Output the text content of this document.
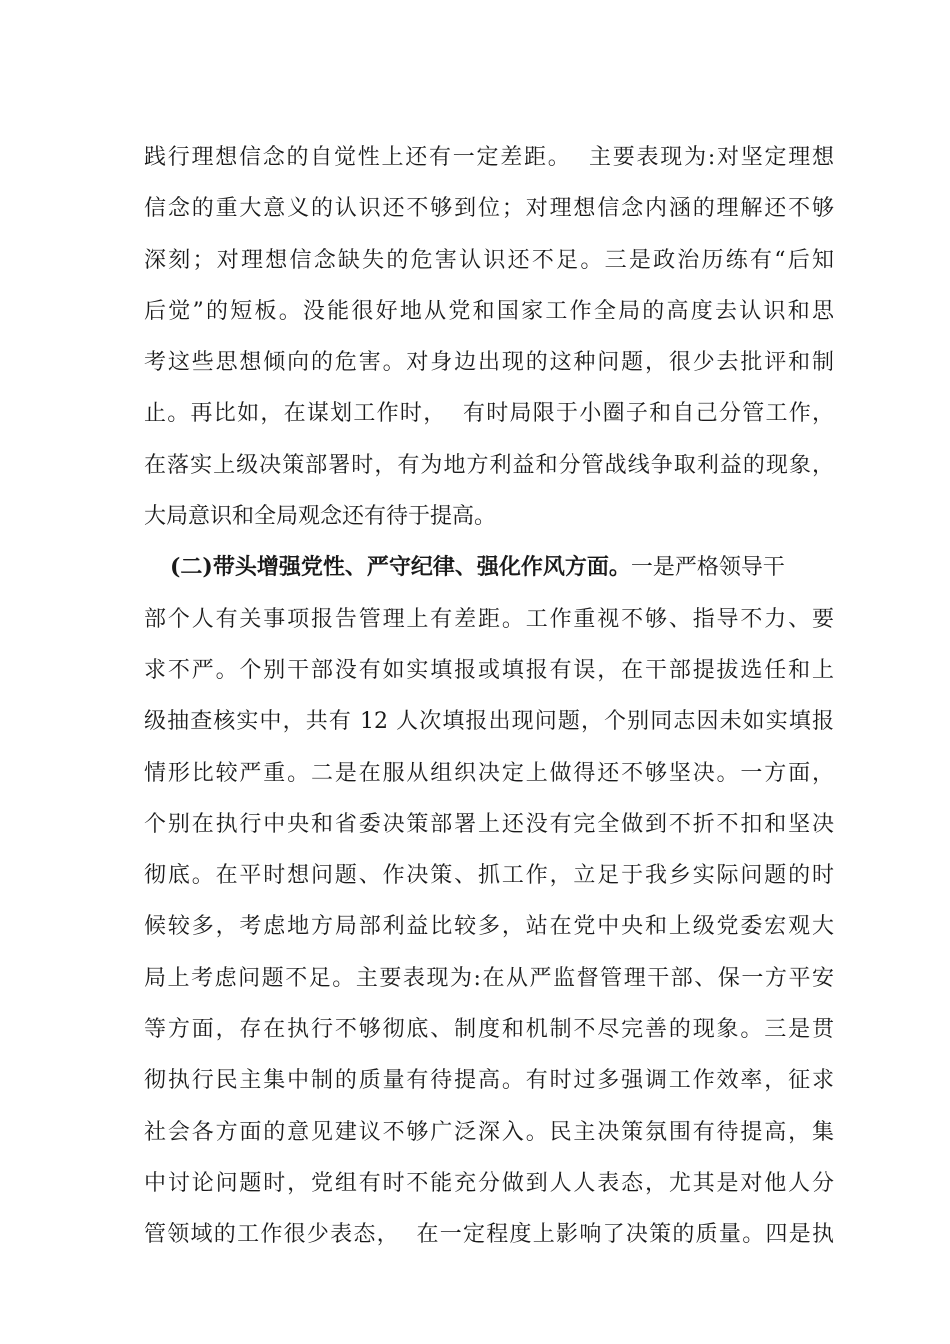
践行理想信念的自觉性上还有一定差距。  主要表现为:对坚定理想
信念的重大意义的认识还不够到位；对理想信念内涵的理解还不够
深刻；对理想信念缺失的危害认识还不足。三是政治历练有“后知
后觉”的短板。没能很好地从党和国家工作全局的高度去认识和思
考这些思想倾向的危害。对身边出现的这种问题，很少去批评和制
止。再比如，在谋划工作时，  有时局限于小圈子和自己分管工作，
在落实上级决策部署时，有为地方利益和分管战线争取利益的现象，
大局意识和全局观念还有待于提高。
(二)带头增强党性、严守纪律、强化作风方面。一是严格领导干
部个人有关事项报告管理上有差距。工作重视不够、指导不力、要
求不严。个别干部没有如实填报或填报有误，在干部提拔选任和上
级抽查核实中，共有 12 人次填报出现问题，个别同志因未如实填报
情形比较严重。二是在服从组织决定上做得还不够坚决。一方面，
个别在执行中央和省委决策部署上还没有完全做到不折不扣和坚决
彻底。在平时想问题、作决策、抓工作，立足于我乡实际问题的时
候较多，考虑地方局部利益比较多，站在党中央和上级党委宏观大
局上考虑问题不足。主要表现为:在从严监督管理干部、保一方平安
等方面，存在执行不够彻底、制度和机制不尽完善的现象。三是贯
彻执行民主集中制的质量有待提高。有时过多强调工作效率，征求
社会各方面的意见建议不够广泛深入。民主决策氛围有待提高，集
中讨论问题时，党组有时不能充分做到人人表态，尤其是对他人分
管领域的工作很少表态，  在一定程度上影响了决策的质量。四是执
